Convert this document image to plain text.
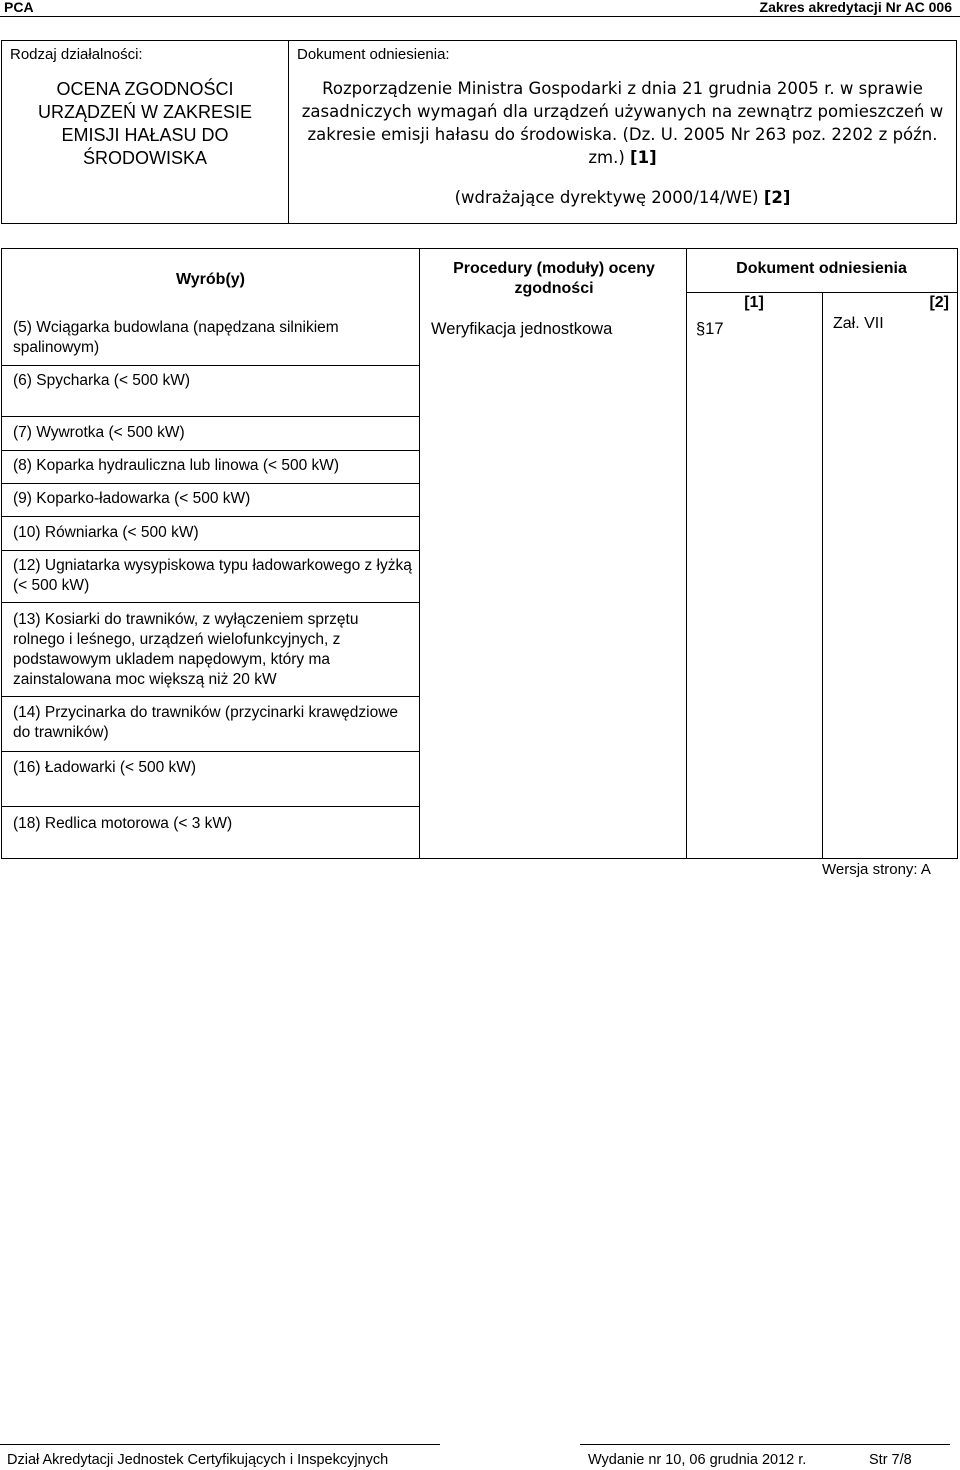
PCA	Zakres akredytacji Nr AC 006
Rodzaj działalności:
OCENA ZGODNOŚCI URZĄDZEŃ W ZAKRESIE EMISJI HAŁASU DO ŚRODOWISKA
Dokument odniesienia:
Rozporządzenie Ministra Gospodarki z dnia 21 grudnia 2005 r. w sprawie zasadniczych wymagań dla urządzeń używanych na zewnątrz pomieszczeń w zakresie emisji hałasu do środowiska. (Dz. U. 2005 Nr 263 poz. 2202 z późn. zm.) [1]
(wdrażające dyrektywę 2000/14/WE) [2]
Wyrób(y)
Procedury (moduły) oceny zgodności
Dokument odniesienia
[1]	[2]
Weryfikacja jednostkowa	§17	Zał. VII
(5) Wciągarka budowlana (napędzana silnikiem spalinowym)
(6) Spycharka (< 500 kW)
(7) Wywrotka (< 500 kW)
(8) Koparka hydrauliczna lub linowa (< 500 kW)
(9) Koparko-ładowarka (< 500 kW)
(10) Równiarka (< 500 kW)
(12) Ugniatarka wysypiskowa typu ładowarkowego z łyżką (< 500 kW)
(13) Kosiarki do trawników, z wyłączeniem sprzętu rolnego i leśnego, urządzeń wielofunkcyjnych, z podstawowym ukladem napędowym, który ma zainstalowana moc większą niż 20 kW
(14) Przycinarka do trawników (przycinarki krawędziowe do trawników)
(16) Ładowarki (< 500 kW)
(18) Redlica motorowa (< 3 kW)
Wersja strony: A
Dział Akredytacji Jednostek Certyfikujących i Inspekcyjnych	Wydanie nr 10, 06 grudnia 2012 r.	Str 7/8
